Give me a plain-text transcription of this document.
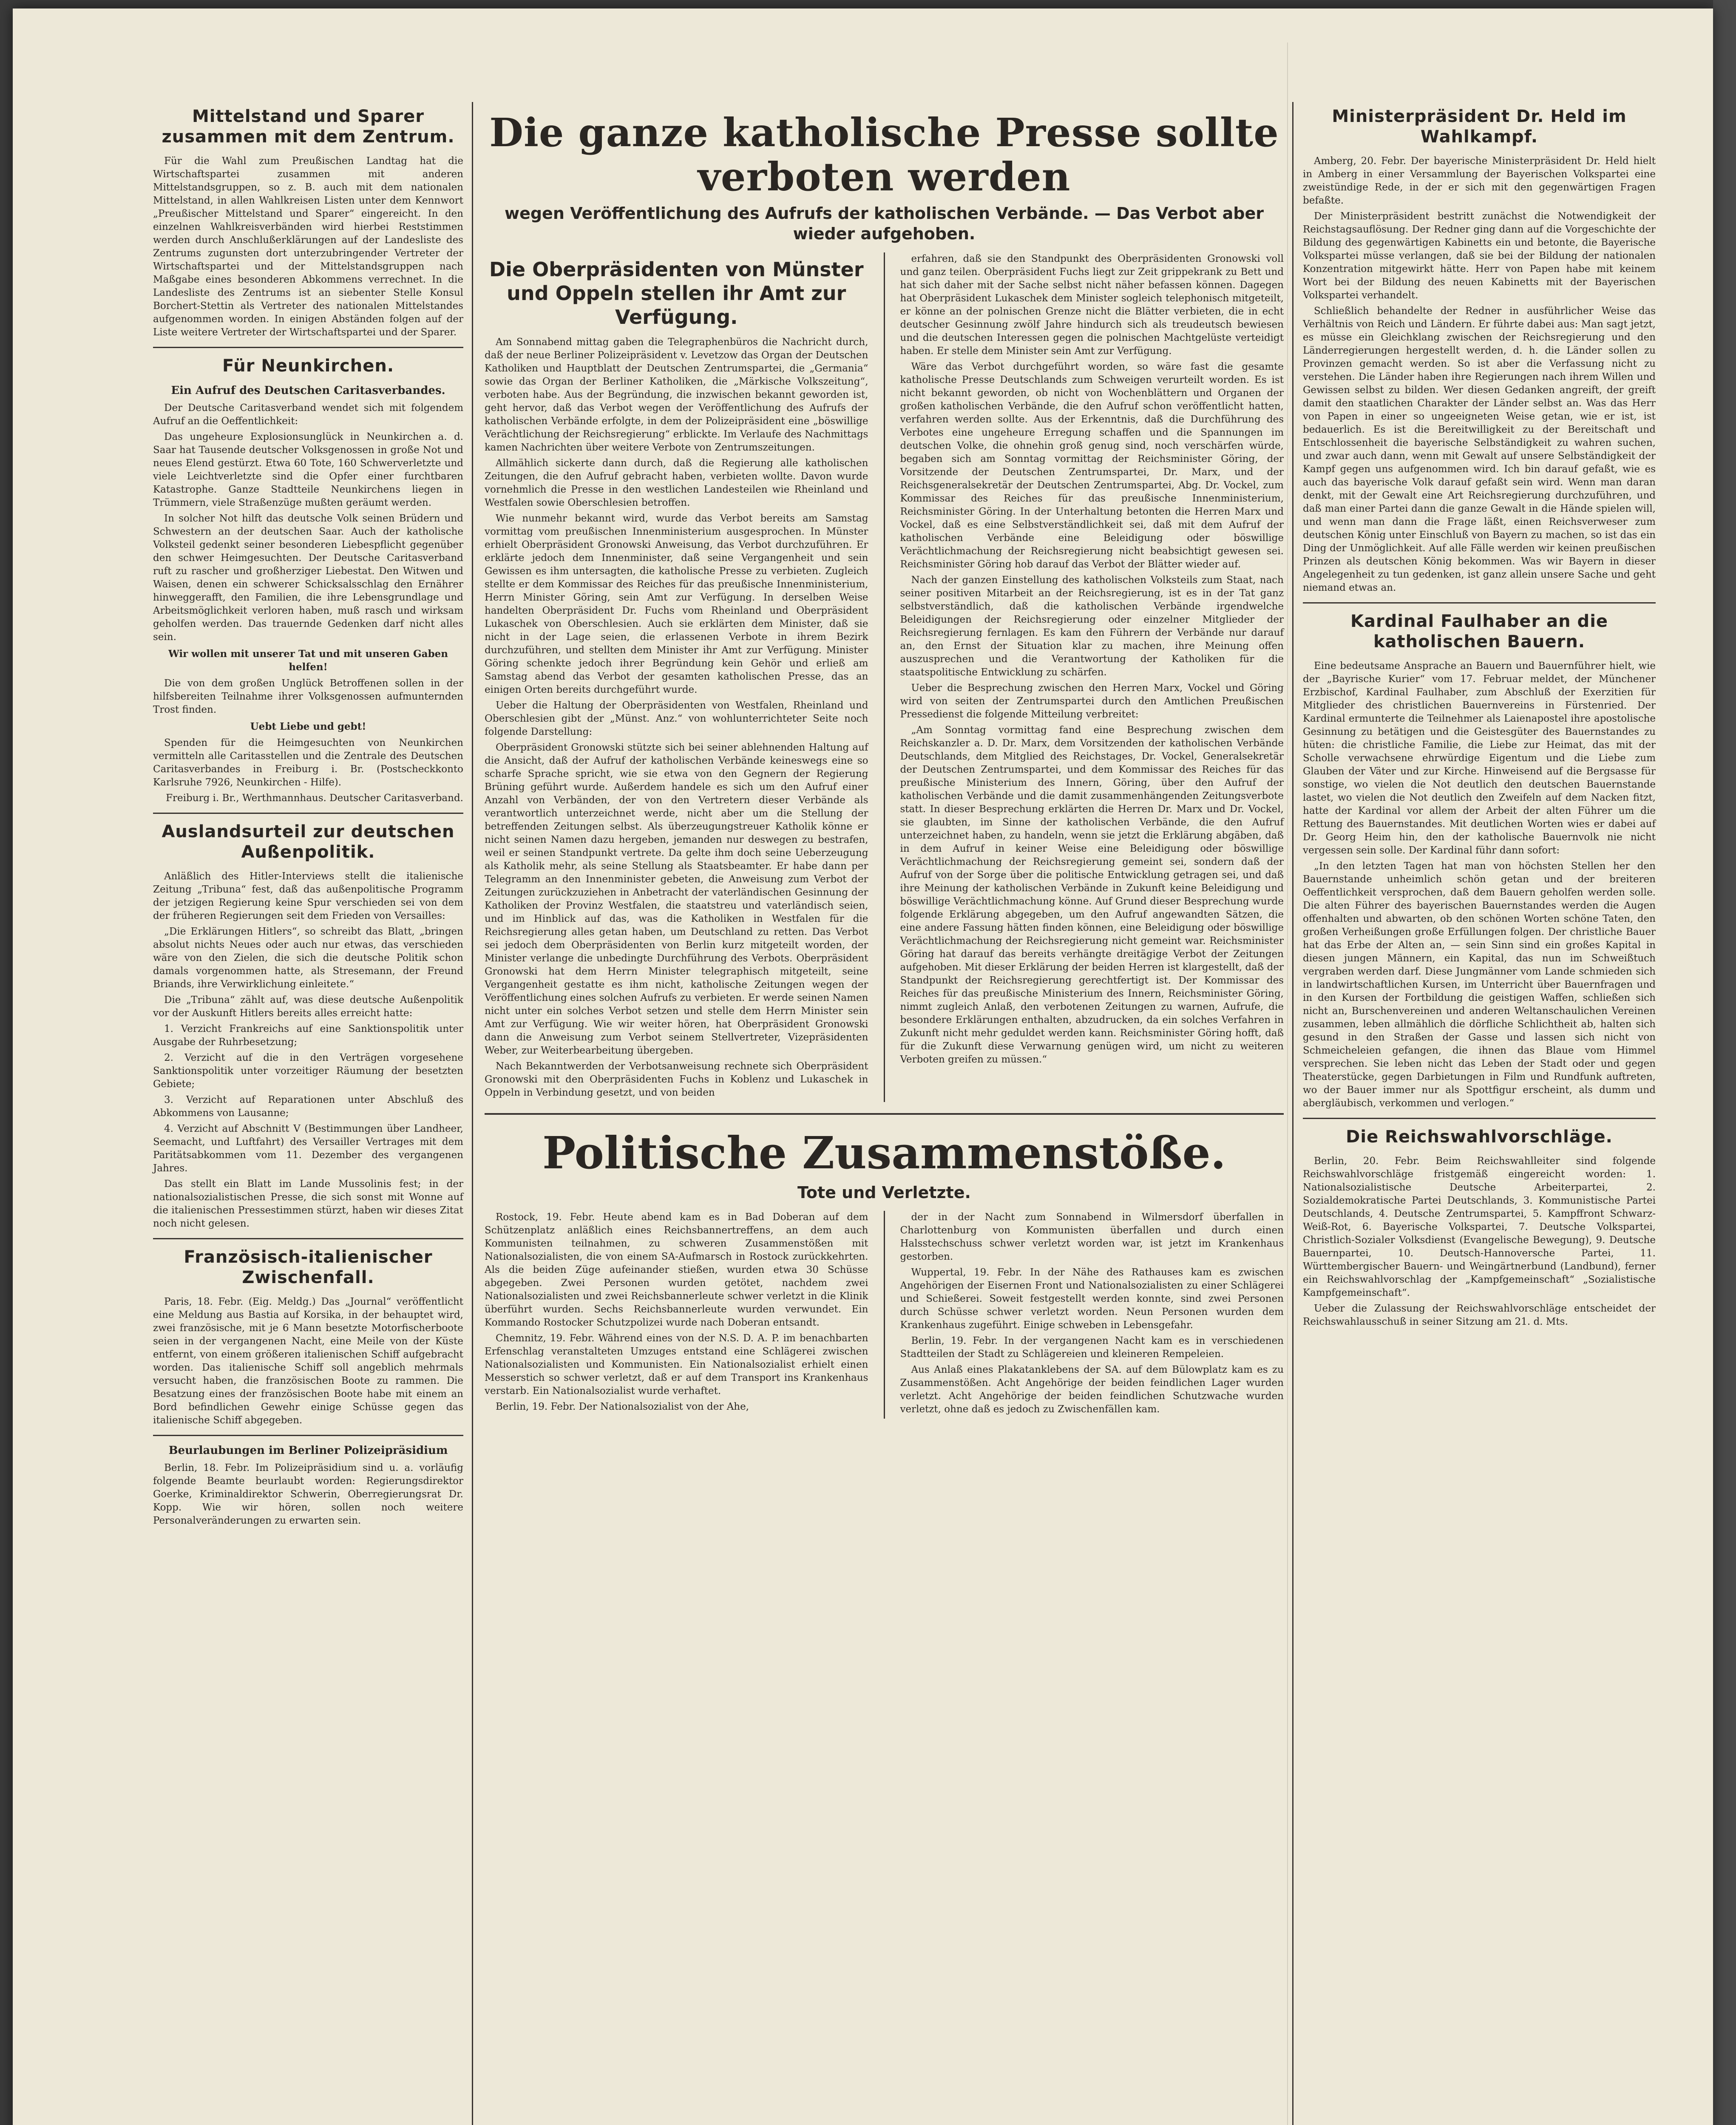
Mittelstand und Sparer zusammen mit dem Zentrum.

Für die Wahl zum Preußischen Landtag hat die Wirtschaftspartei zusammen mit anderen Mittelstandsgruppen, so z. B. auch mit dem nationalen Mittelstand, in allen Wahlkreisen Listen unter dem Kennwort „Preußischer Mittelstand und Sparer“ eingereicht. In den einzelnen Wahlkreisverbänden wird hierbei Reststimmen werden durch Anschlußerklärungen auf der Landesliste des Zentrums zugunsten dort unterzubringender Vertreter der Wirtschaftspartei und der Mittelstandsgruppen nach Maßgabe eines besonderen Abkommens verrechnet. In die Landesliste des Zentrums ist an siebenter Stelle Konsul Borchert-Stettin als Vertreter des nationalen Mittelstandes aufgenommen worden. In einigen Abständen folgen auf der Liste weitere Vertreter der Wirtschaftspartei und der Sparer.

Für Neunkirchen.
Ein Aufruf des Deutschen Caritasverbandes.

Der Deutsche Caritasverband wendet sich mit folgendem Aufruf an die Oeffentlichkeit:

Das ungeheure Explosionsunglück in Neunkirchen a. d. Saar hat Tausende deutscher Volksgenossen in große Not und neues Elend gestürzt. Etwa 60 Tote, 160 Schwerverletzte und viele Leichtverletzte sind die Opfer einer furchtbaren Katastrophe. Ganze Stadtteile Neunkirchens liegen in Trümmern, viele Straßenzüge mußten geräumt werden.

In solcher Not hilft das deutsche Volk seinen Brüdern und Schwestern an der deutschen Saar. Auch der katholische Volksteil gedenkt seiner besonderen Liebespflicht gegenüber den schwer Heimgesuchten. Der Deutsche Caritasverband ruft zu rascher und großherziger Liebestat. Den Witwen und Waisen, denen ein schwerer Schicksalsschlag den Ernährer hinweggerafft, den Familien, die ihre Lebensgrundlage und Arbeitsmöglichkeit verloren haben, muß rasch und wirksam geholfen werden. Das trauernde Gedenken darf nicht alles sein.

Wir wollen mit unserer Tat und mit unseren Gaben helfen!

Die von dem großen Unglück Betroffenen sollen in der hilfsbereiten Teilnahme ihrer Volksgenossen aufmunternden Trost finden.

Uebt Liebe und gebt!

Spenden für die Heimgesuchten von Neunkirchen vermitteln alle Caritasstellen und die Zentrale des Deutschen Caritasverbandes in Freiburg i. Br. (Postscheckkonto Karlsruhe 7926, Neunkirchen - Hilfe).

Freiburg i. Br., Werthmannhaus. Deutscher Caritasverband.

Auslandsurteil zur deutschen Außenpolitik.

Anläßlich des Hitler-Interviews stellt die italienische Zeitung „Tribuna“ fest, daß das außenpolitische Programm der jetzigen Regierung keine Spur verschieden sei von dem der früheren Regierungen seit dem Frieden von Versailles:

„Die Erklärungen Hitlers“, so schreibt das Blatt, „bringen absolut nichts Neues oder auch nur etwas, das verschieden wäre von den Zielen, die sich die deutsche Politik schon damals vorgenommen hatte, als Stresemann, der Freund Briands, ihre Verwirklichung einleitete.“

Die „Tribuna“ zählt auf, was diese deutsche Außenpolitik vor der Auskunft Hitlers bereits alles erreicht hatte:

1. Verzicht Frankreichs auf eine Sanktionspolitik unter Ausgabe der Ruhrbesetzung;

2. Verzicht auf die in den Verträgen vorgesehene Sanktionspolitik unter vorzeitiger Räumung der besetzten Gebiete;

3. Verzicht auf Reparationen unter Abschluß des Abkommens von Lausanne;

4. Verzicht auf Abschnitt V (Bestimmungen über Landheer, Seemacht, und Luftfahrt) des Versailler Vertrages mit dem Paritätsabkommen vom 11. Dezember des vergangenen Jahres.

Das stellt ein Blatt im Lande Mussolinis fest; in der nationalsozialistischen Presse, die sich sonst mit Wonne auf die italienischen Pressestimmen stürzt, haben wir dieses Zitat noch nicht gelesen.

Französisch-italienischer Zwischenfall.

Paris, 18. Febr. (Eig. Meldg.) Das „Journal“ veröffentlicht eine Meldung aus Bastia auf Korsika, in der behauptet wird, zwei französische, mit je 6 Mann besetzte Motorfischerboote seien in der vergangenen Nacht, eine Meile von der Küste entfernt, von einem größeren italienischen Schiff aufgebracht worden. Das italienische Schiff soll angeblich mehrmals versucht haben, die französischen Boote zu rammen. Die Besatzung eines der französischen Boote habe mit einem an Bord befindlichen Gewehr einige Schüsse gegen das italienische Schiff abgegeben.

Beurlaubungen im Berliner Polizeipräsidium

Berlin, 18. Febr. Im Polizeipräsidium sind u. a. vorläufig folgende Beamte beurlaubt worden: Regierungsdirektor Goerke, Kriminaldirektor Schwerin, Oberregierungsrat Dr. Kopp. Wie wir hören, sollen noch weitere Personalveränderungen zu erwarten sein.

Die ganze katholische Presse sollte verboten werden
wegen Veröffentlichung des Aufrufs der katholischen Verbände. — Das Verbot aber wieder aufgehoben.
Die Oberpräsidenten von Münster und Oppeln stellen ihr Amt zur Verfügung.

Am Sonnabend mittag gaben die Telegraphenbüros die Nachricht durch, daß der neue Berliner Polizeipräsident v. Levetzow das Organ der Deutschen Katholiken und Hauptblatt der Deutschen Zentrumspartei, die „Germania“ sowie das Organ der Berliner Katholiken, die „Märkische Volkszeitung“, verboten habe. Aus der Begründung, die inzwischen bekannt geworden ist, geht hervor, daß das Verbot wegen der Veröffentlichung des Aufrufs der katholischen Verbände erfolgte, in dem der Polizeipräsident eine „böswillige Verächtlichung der Reichsregierung“ erblickte. Im Verlaufe des Nachmittags kamen Nachrichten über weitere Verbote von Zentrumszeitungen.

Allmählich sickerte dann durch, daß die Regierung alle katholischen Zeitungen, die den Aufruf gebracht haben, verbieten wollte. Davon wurde vornehmlich die Presse in den westlichen Landesteilen wie Rheinland und Westfalen sowie Oberschlesien betroffen.

Wie nunmehr bekannt wird, wurde das Verbot bereits am Samstag vormittag vom preußischen Innenministerium ausgesprochen. In Münster erhielt Oberpräsident Gronowski Anweisung, das Verbot durchzuführen. Er erklärte jedoch dem Innenminister, daß seine Vergangenheit und sein Gewissen es ihm untersagten, die katholische Presse zu verbieten. Zugleich stellte er dem Kommissar des Reiches für das preußische Innenministerium, Herrn Minister Göring, sein Amt zur Verfügung. In derselben Weise handelten Oberpräsident Dr. Fuchs vom Rheinland und Oberpräsident Lukaschek von Oberschlesien. Auch sie erklärten dem Minister, daß sie nicht in der Lage seien, die erlassenen Verbote in ihrem Bezirk durchzuführen, und stellten dem Minister ihr Amt zur Verfügung. Minister Göring schenkte jedoch ihrer Begründung kein Gehör und erließ am Samstag abend das Verbot der gesamten katholischen Presse, das an einigen Orten bereits durchgeführt wurde.

Ueber die Haltung der Oberpräsidenten von Westfalen, Rheinland und Oberschlesien gibt der „Münst. Anz.“ von wohlunterrichteter Seite noch folgende Darstellung:

Oberpräsident Gronowski stützte sich bei seiner ablehnenden Haltung auf die Ansicht, daß der Aufruf der katholischen Verbände keineswegs eine so scharfe Sprache spricht, wie sie etwa von den Gegnern der Regierung Brüning geführt wurde. Außerdem handele es sich um den Aufruf einer Anzahl von Verbänden, der von den Vertretern dieser Verbände als verantwortlich unterzeichnet werde, nicht aber um die Stellung der betreffenden Zeitungen selbst. Als überzeugungstreuer Katholik könne er nicht seinen Namen dazu hergeben, jemanden nur deswegen zu bestrafen, weil er seinen Standpunkt vertrete. Da gelte ihm doch seine Ueberzeugung als Katholik mehr, als seine Stellung als Staatsbeamter. Er habe dann per Telegramm an den Innenminister gebeten, die Anweisung zum Verbot der Zeitungen zurückzuziehen in Anbetracht der vaterländischen Gesinnung der Katholiken der Provinz Westfalen, die staatstreu und vaterländisch seien, und im Hinblick auf das, was die Katholiken in Westfalen für die Reichsregierung alles getan haben, um Deutschland zu retten. Das Verbot sei jedoch dem Oberpräsidenten von Berlin kurz mitgeteilt worden, der Minister verlange die unbedingte Durchführung des Verbots. Oberpräsident Gronowski hat dem Herrn Minister telegraphisch mitgeteilt, seine Vergangenheit gestatte es ihm nicht, katholische Zeitungen wegen der Veröffentlichung eines solchen Aufrufs zu verbieten. Er werde seinen Namen nicht unter ein solches Verbot setzen und stelle dem Herrn Minister sein Amt zur Verfügung. Wie wir weiter hören, hat Oberpräsident Gronowski dann die Anweisung zum Verbot seinem Stellvertreter, Vizepräsidenten Weber, zur Weiterbearbeitung übergeben.

Nach Bekanntwerden der Verbotsanweisung rechnete sich Oberpräsident Gronowski mit den Oberpräsidenten Fuchs in Koblenz und Lukaschek in Oppeln in Verbindung gesetzt, und von beiden

erfahren, daß sie den Standpunkt des Oberpräsidenten Gronowski voll und ganz teilen. Oberpräsident Fuchs liegt zur Zeit grippekrank zu Bett und hat sich daher mit der Sache selbst nicht näher befassen können. Dagegen hat Oberpräsident Lukaschek dem Minister sogleich telephonisch mitgeteilt, er könne an der polnischen Grenze nicht die Blätter verbieten, die in echt deutscher Gesinnung zwölf Jahre hindurch sich als treudeutsch bewiesen und die deutschen Interessen gegen die polnischen Machtgelüste verteidigt haben. Er stelle dem Minister sein Amt zur Verfügung.

Wäre das Verbot durchgeführt worden, so wäre fast die gesamte katholische Presse Deutschlands zum Schweigen verurteilt worden. Es ist nicht bekannt geworden, ob nicht von Wochenblättern und Organen der großen katholischen Verbände, die den Aufruf schon veröffentlicht hatten, verfahren werden sollte. Aus der Erkenntnis, daß die Durchführung des Verbotes eine ungeheure Erregung schaffen und die Spannungen im deutschen Volke, die ohnehin groß genug sind, noch verschärfen würde, begaben sich am Sonntag vormittag der Reichsminister Göring, der Vorsitzende der Deutschen Zentrumspartei, Dr. Marx, und der Reichsgeneralsekretär der Deutschen Zentrumspartei, Abg. Dr. Vockel, zum Kommissar des Reiches für das preußische Innenministerium, Reichsminister Göring. In der Unterhaltung betonten die Herren Marx und Vockel, daß es eine Selbstverständlichkeit sei, daß mit dem Aufruf der katholischen Verbände eine Beleidigung oder böswillige Verächtlichmachung der Reichsregierung nicht beabsichtigt gewesen sei. Reichsminister Göring hob darauf das Verbot der Blätter wieder auf.

Nach der ganzen Einstellung des katholischen Volksteils zum Staat, nach seiner positiven Mitarbeit an der Reichsregierung, ist es in der Tat ganz selbstverständlich, daß die katholischen Verbände irgendwelche Beleidigungen der Reichsregierung oder einzelner Mitglieder der Reichsregierung fernlagen. Es kam den Führern der Verbände nur darauf an, den Ernst der Situation klar zu machen, ihre Meinung offen auszusprechen und die Verantwortung der Katholiken für die staatspolitische Entwicklung zu schärfen.

Ueber die Besprechung zwischen den Herren Marx, Vockel und Göring wird von seiten der Zentrumspartei durch den Amtlichen Preußischen Pressedienst die folgende Mitteilung verbreitet:

„Am Sonntag vormittag fand eine Besprechung zwischen dem Reichskanzler a. D. Dr. Marx, dem Vorsitzenden der katholischen Verbände Deutschlands, dem Mitglied des Reichstages, Dr. Vockel, Generalsekretär der Deutschen Zentrumspartei, und dem Kommissar des Reiches für das preußische Ministerium des Innern, Göring, über den Aufruf der katholischen Verbände und die damit zusammenhängenden Zeitungsverbote statt. In dieser Besprechung erklärten die Herren Dr. Marx und Dr. Vockel, sie glaubten, im Sinne der katholischen Verbände, die den Aufruf unterzeichnet haben, zu handeln, wenn sie jetzt die Erklärung abgäben, daß in dem Aufruf in keiner Weise eine Beleidigung oder böswillige Verächtlichmachung der Reichsregierung gemeint sei, sondern daß der Aufruf von der Sorge über die politische Entwicklung getragen sei, und daß ihre Meinung der katholischen Verbände in Zukunft keine Beleidigung und böswillige Verächtlichmachung könne. Auf Grund dieser Besprechung wurde folgende Erklärung abgegeben, um den Aufruf angewandten Sätzen, die eine andere Fassung hätten finden können, eine Beleidigung oder böswillige Verächtlichmachung der Reichsregierung nicht gemeint war. Reichsminister Göring hat darauf das bereits verhängte dreitägige Verbot der Zeitungen aufgehoben. Mit dieser Erklärung der beiden Herren ist klargestellt, daß der Standpunkt der Reichsregierung gerechtfertigt ist. Der Kommissar des Reiches für das preußische Ministerium des Innern, Reichsminister Göring, nimmt zugleich Anlaß, den verbotenen Zeitungen zu warnen, Aufrufe, die besondere Erklärungen enthalten, abzudrucken, da ein solches Verfahren in Zukunft nicht mehr geduldet werden kann. Reichsminister Göring hofft, daß für die Zukunft diese Verwarnung genügen wird, um nicht zu weiteren Verboten greifen zu müssen.“

Politische Zusammenstöße.
Tote und Verletzte.

Rostock, 19. Febr. Heute abend kam es in Bad Doberan auf dem Schützenplatz anläßlich eines Reichsbannertreffens, an dem auch Kommunisten teilnahmen, zu schweren Zusammenstößen mit Nationalsozialisten, die von einem SA-Aufmarsch in Rostock zurückkehrten. Als die beiden Züge aufeinander stießen, wurden etwa 30 Schüsse abgegeben. Zwei Personen wurden getötet, nachdem zwei Nationalsozialisten und zwei Reichsbannerleute schwer verletzt in die Klinik überführt wurden. Sechs Reichsbannerleute wurden verwundet. Ein Kommando Rostocker Schutzpolizei wurde nach Doberan entsandt.

Chemnitz, 19. Febr. Während eines von der N.S. D. A. P. im benachbarten Erfenschlag veranstalteten Umzuges entstand eine Schlägerei zwischen Nationalsozialisten und Kommunisten. Ein Nationalsozialist erhielt einen Messerstich so schwer verletzt, daß er auf dem Transport ins Krankenhaus verstarb. Ein Nationalsozialist wurde verhaftet.

Berlin, 19. Febr. Der Nationalsozialist von der Ahe,

der in der Nacht zum Sonnabend in Wilmersdorf überfallen in Charlottenburg von Kommunisten überfallen und durch einen Halsstechschuss schwer verletzt worden war, ist jetzt im Krankenhaus gestorben.

Wuppertal, 19. Febr. In der Nähe des Rathauses kam es zwischen Angehörigen der Eisernen Front und Nationalsozialisten zu einer Schlägerei und Schießerei. Soweit festgestellt werden konnte, sind zwei Personen durch Schüsse schwer verletzt worden. Neun Personen wurden dem Krankenhaus zugeführt. Einige schweben in Lebensgefahr.

Berlin, 19. Febr. In der vergangenen Nacht kam es in verschiedenen Stadtteilen der Stadt zu Schlägereien und kleineren Rempeleien.

Aus Anlaß eines Plakatanklebens der SA. auf dem Bülowplatz kam es zu Zusammenstößen. Acht Angehörige der beiden feindlichen Lager wurden verletzt. Acht Angehörige der beiden feindlichen Schutzwache wurden verletzt, ohne daß es jedoch zu Zwischenfällen kam.

Ministerpräsident Dr. Held im Wahlkampf.

Amberg, 20. Febr. Der bayerische Ministerpräsident Dr. Held hielt in Amberg in einer Versammlung der Bayerischen Volkspartei eine zweistündige Rede, in der er sich mit den gegenwärtigen Fragen befaßte.

Der Ministerpräsident bestritt zunächst die Notwendigkeit der Reichstagsauflösung. Der Redner ging dann auf die Vorgeschichte der Bildung des gegenwärtigen Kabinetts ein und betonte, die Bayerische Volkspartei müsse verlangen, daß sie bei der Bildung der nationalen Konzentration mitgewirkt hätte. Herr von Papen habe mit keinem Wort bei der Bildung des neuen Kabinetts mit der Bayerischen Volkspartei verhandelt.

Schließlich behandelte der Redner in ausführlicher Weise das Verhältnis von Reich und Ländern. Er führte dabei aus: Man sagt jetzt, es müsse ein Gleichklang zwischen der Reichsregierung und den Länderregierungen hergestellt werden, d. h. die Länder sollen zu Provinzen gemacht werden. So ist aber die Verfassung nicht zu verstehen. Die Länder haben ihre Regierungen nach ihrem Willen und Gewissen selbst zu bilden. Wer diesen Gedanken angreift, der greift damit den staatlichen Charakter der Länder selbst an. Was das Herr von Papen in einer so ungeeigneten Weise getan, wie er ist, ist bedauerlich. Es ist die Bereitwilligkeit zu der Bereitschaft und Entschlossenheit die bayerische Selbständigkeit zu wahren suchen, und zwar auch dann, wenn mit Gewalt auf unsere Selbständigkeit der Kampf gegen uns aufgenommen wird. Ich bin darauf gefaßt, wie es auch das bayerische Volk darauf gefaßt sein wird. Wenn man daran denkt, mit der Gewalt eine Art Reichsregierung durchzuführen, und daß man einer Partei dann die ganze Gewalt in die Hände spielen will, und wenn man dann die Frage läßt, einen Reichsverweser zum deutschen König unter Einschluß von Bayern zu machen, so ist das ein Ding der Unmöglichkeit. Auf alle Fälle werden wir keinen preußischen Prinzen als deutschen König bekommen. Was wir Bayern in dieser Angelegenheit zu tun gedenken, ist ganz allein unsere Sache und geht niemand etwas an.

Kardinal Faulhaber an die katholischen Bauern.

Eine bedeutsame Ansprache an Bauern und Bauernführer hielt, wie der „Bayrische Kurier“ vom 17. Februar meldet, der Münchener Erzbischof, Kardinal Faulhaber, zum Abschluß der Exerzitien für Mitglieder des christlichen Bauernvereins in Fürstenried. Der Kardinal ermunterte die Teilnehmer als Laienapostel ihre apostolische Gesinnung zu betätigen und die Geistesgüter des Bauernstandes zu hüten: die christliche Familie, die Liebe zur Heimat, das mit der Scholle verwachsene ehrwürdige Eigentum und die Liebe zum Glauben der Väter und zur Kirche. Hinweisend auf die Bergsasse für sonstige, wo vielen die Not deutlich den deutschen Bauernstande lastet, wo vielen die Not deutlich den Zweifeln auf dem Nacken fitzt, hatte der Kardinal vor allem der Arbeit der alten Führer um die Rettung des Bauernstandes. Mit deutlichen Worten wies er dabei auf Dr. Georg Heim hin, den der katholische Bauernvolk nie nicht vergessen sein solle. Der Kardinal führ dann sofort:

„In den letzten Tagen hat man von höchsten Stellen her den Bauernstande unheimlich schön getan und der breiteren Oeffentlichkeit versprochen, daß dem Bauern geholfen werden solle. Die alten Führer des bayerischen Bauernstandes werden die Augen offenhalten und abwarten, ob den schönen Worten schöne Taten, den großen Verheißungen große Erfüllungen folgen. Der christliche Bauer hat das Erbe der Alten an, — sein Sinn sind ein großes Kapital in diesen jungen Männern, ein Kapital, das nun im Schweißtuch vergraben werden darf. Diese Jungmänner vom Lande schmieden sich in landwirtschaftlichen Kursen, im Unterricht über Bauernfragen und in den Kursen der Fortbildung die geistigen Waffen, schließen sich nicht an, Burschenvereinen und anderen Weltanschaulichen Vereinen zusammen, leben allmählich die dörfliche Schlichtheit ab, halten sich gesund in den Straßen der Gasse und lassen sich nicht von Schmeicheleien gefangen, die ihnen das Blaue vom Himmel versprechen. Sie leben nicht das Leben der Stadt oder und gegen Theaterstücke, gegen Darbietungen in Film und Rundfunk auftreten, wo der Bauer immer nur als Spottfigur erscheint, als dumm und abergläubisch, verkommen und verlogen.“

Die Reichswahlvorschläge.

Berlin, 20. Febr. Beim Reichswahlleiter sind folgende Reichswahlvorschläge fristgemäß eingereicht worden: 1. Nationalsozialistische Deutsche Arbeiterpartei, 2. Sozialdemokratische Partei Deutschlands, 3. Kommunistische Partei Deutschlands, 4. Deutsche Zentrumspartei, 5. Kampffront Schwarz-Weiß-Rot, 6. Bayerische Volkspartei, 7. Deutsche Volkspartei, Christlich-Sozialer Volksdienst (Evangelische Bewegung), 9. Deutsche Bauernpartei, 10. Deutsch-Hannoversche Partei, 11. Württembergischer Bauern- und Weingärtnerbund (Landbund), ferner ein Reichswahlvorschlag der „Kampfgemeinschaft“ „Sozialistische Kampfgemeinschaft“.

Ueber die Zulassung der Reichswahlvorschläge entscheidet der Reichswahlausschuß in seiner Sitzung am 21. d. Mts.
